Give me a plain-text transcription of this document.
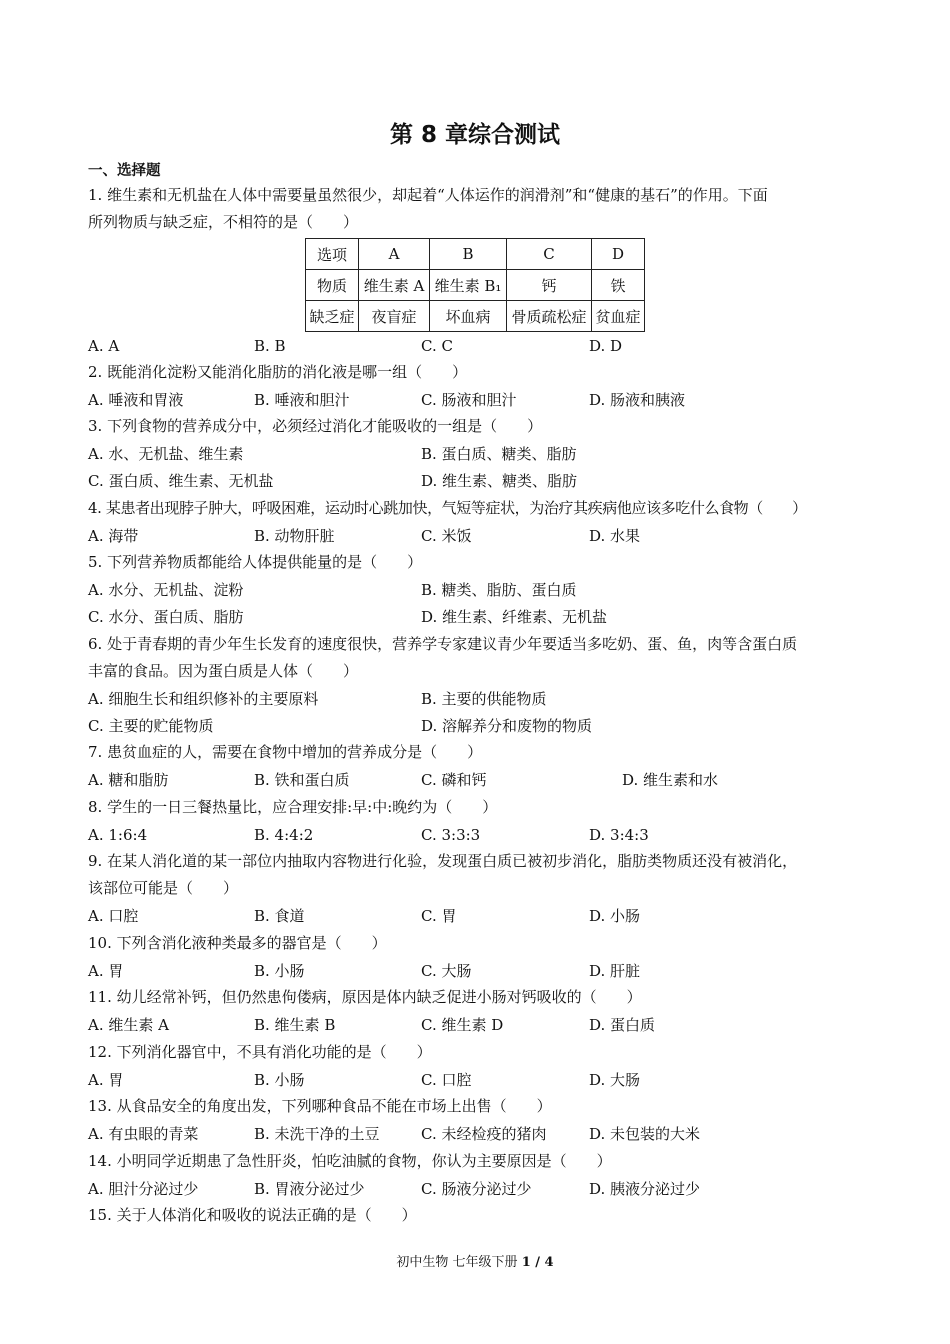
第 8 章综合测试
一、选择题
1. 维生素和无机盐在人体中需要量虽然很少，却起着“人体运作的润滑剂”和“健康的基石”的作用。下面
所列物质与缺乏症，不相符的是（　　）
选项	A	B	C	D
物质	维生素 A	维生素 B₁	钙	铁
缺乏症	夜盲症	坏血病	骨质疏松症	贫血症
A. A	B. B	C. C	D. D
2. 既能消化淀粉又能消化脂肪的消化液是哪一组（　　）
A. 唾液和胃液	B. 唾液和胆汁	C. 肠液和胆汁	D. 肠液和胰液
3. 下列食物的营养成分中，必须经过消化才能吸收的一组是（　　）
A. 水、无机盐、维生素	B. 蛋白质、糖类、脂肪
C. 蛋白质、维生素、无机盐	D. 维生素、糖类、脂肪
4. 某患者出现脖子肿大，呼吸困难，运动时心跳加快，气短等症状，为治疗其疾病他应该多吃什么食物（　　）
A. 海带	B. 动物肝脏	C. 米饭	D. 水果
5. 下列营养物质都能给人体提供能量的是（　　）
A. 水分、无机盐、淀粉	B. 糖类、脂肪、蛋白质
C. 水分、蛋白质、脂肪	D. 维生素、纤维素、无机盐
6. 处于青春期的青少年生长发育的速度很快，营养学专家建议青少年要适当多吃奶、蛋、鱼，肉等含蛋白质
丰富的食品。因为蛋白质是人体（　　）
A. 细胞生长和组织修补的主要原料	B. 主要的供能物质
C. 主要的贮能物质	D. 溶解养分和废物的物质
7. 患贫血症的人，需要在食物中增加的营养成分是（　　）
A. 糖和脂肪	B. 铁和蛋白质	C. 磷和钙	D. 维生素和水
8. 学生的一日三餐热量比，应合理安排:早:中:晚约为（　　）
A. 1:6:4	B. 4:4:2	C. 3:3:3	D. 3:4:3
9. 在某人消化道的某一部位内抽取内容物进行化验，发现蛋白质已被初步消化，脂肪类物质还没有被消化，
该部位可能是（　　）
A. 口腔	B. 食道	C. 胃	D. 小肠
10. 下列含消化液种类最多的器官是（　　）
A. 胃	B. 小肠	C. 大肠	D. 肝脏
11. 幼儿经常补钙，但仍然患佝偻病，原因是体内缺乏促进小肠对钙吸收的（　　）
A. 维生素 A	B. 维生素 B	C. 维生素 D	D. 蛋白质
12. 下列消化器官中，不具有消化功能的是（　　）
A. 胃	B. 小肠	C. 口腔	D. 大肠
13. 从食品安全的角度出发，下列哪种食品不能在市场上出售（　　）
A. 有虫眼的青菜	B. 未洗干净的土豆	C. 未经检疫的猪肉	D. 未包装的大米
14. 小明同学近期患了急性肝炎，怕吃油腻的食物，你认为主要原因是（　　）
A. 胆汁分泌过少	B. 胃液分泌过少	C. 肠液分泌过少	D. 胰液分泌过少
15. 关于人体消化和吸收的说法正确的是（　　）
初中生物 七年级下册 1 / 4
